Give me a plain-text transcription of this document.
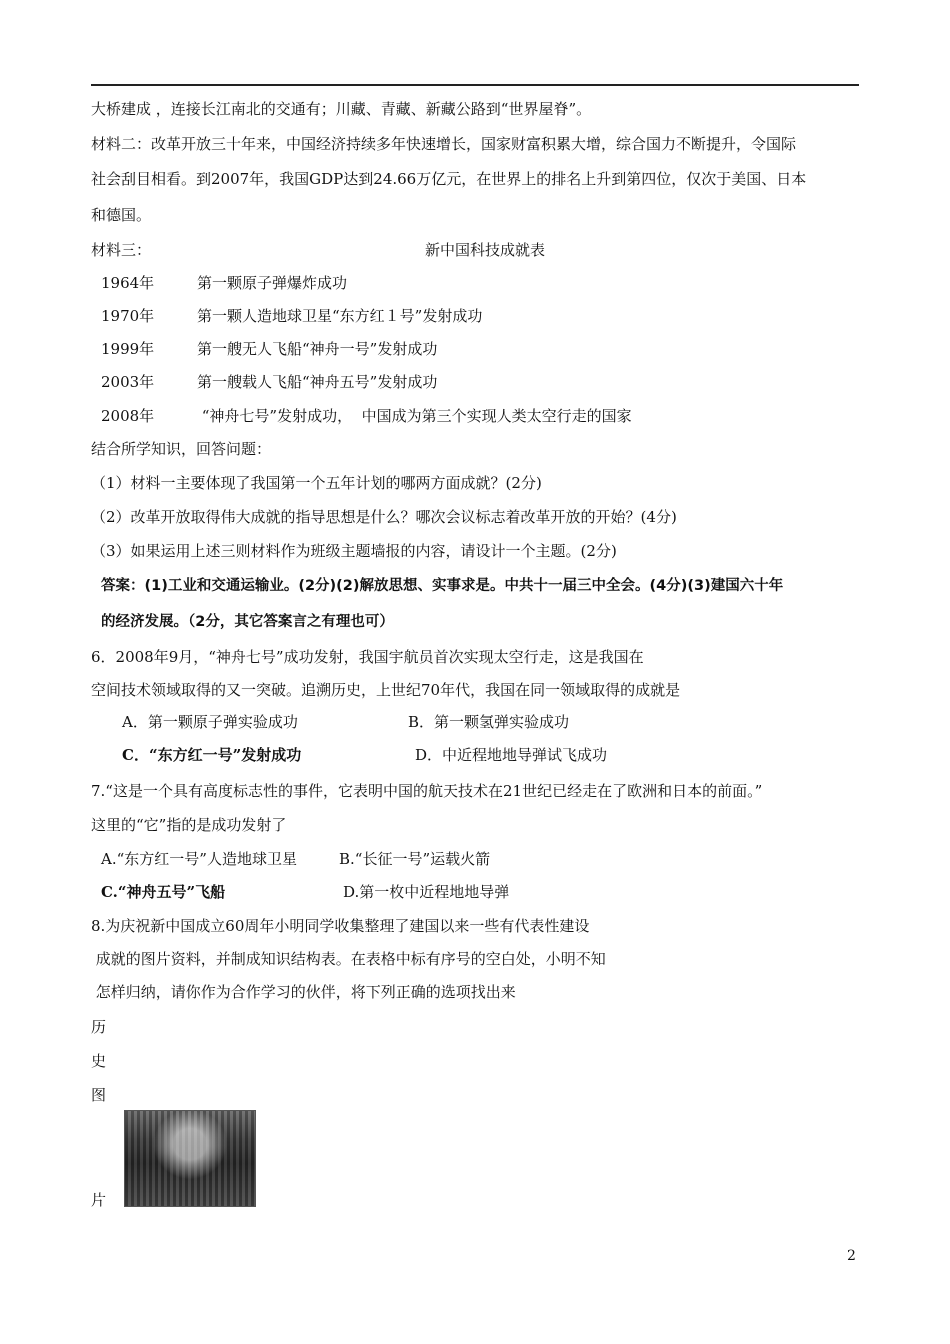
大桥建成 ，连接长江南北的交通有；川藏、青藏、新藏公路到“世界屋脊”。
材料二：改革开放三十年来，中国经济持续多年快速增长，国家财富积累大增，综合国力不断提升，令国际
社会刮目相看。到2007年，我国GDP达到24.66万亿元，在世界上的排名上升到第四位，仅次于美国、日本
和德国。
材料三：	新中国科技成就表
1964年	第一颗原子弹爆炸成功
1970年	第一颗人造地球卫星“东方红１号”发射成功
1999年	第一艘无人飞船“神舟一号”发射成功
2003年	第一艘载人飞船“神舟五号”发射成功
2008年	“神舟七号”发射成功，  中国成为第三个实现人类太空行走的国家
结合所学知识，回答问题：
（1）材料一主要体现了我国第一个五年计划的哪两方面成就？(2分)
（2）改革开放取得伟大成就的指导思想是什么？哪次会议标志着改革开放的开始？(4分)
（3）如果运用上述三则材料作为班级主题墙报的内容，请设计一个主题。(2分)
答案：(1)工业和交通运输业。(2分)(2)解放思想、实事求是。中共十一届三中全会。(4分)(3)建国六十年
的经济发展。（2分，其它答案言之有理也可）
6．2008年9月，“神舟七号”成功发射，我国宇航员首次实现太空行走，这是我国在
空间技术领域取得的又一突破。追溯历史，上世纪70年代，我国在同一领域取得的成就是
A．第一颗原子弹实验成功	B．第一颗氢弹实验成功
C．“东方红一号”发射成功	D．中近程地地导弹试飞成功
7.“这是一个具有高度标志性的事件，它表明中国的航天技术在21世纪已经走在了欧洲和日本的前面。”
这里的“它”指的是成功发射了
A.“东方红一号”人造地球卫星	B.“长征一号”运载火箭
C.“神舟五号”飞船	D.第一枚中近程地地导弹
8.为庆祝新中国成立60周年小明同学收集整理了建国以来一些有代表性建设
成就的图片资料，并制成知识结构表。在表格中标有序号的空白处，小明不知
怎样归纳，请你作为合作学习的伙伴，将下列正确的选项找出来
历
史
图
片
2
